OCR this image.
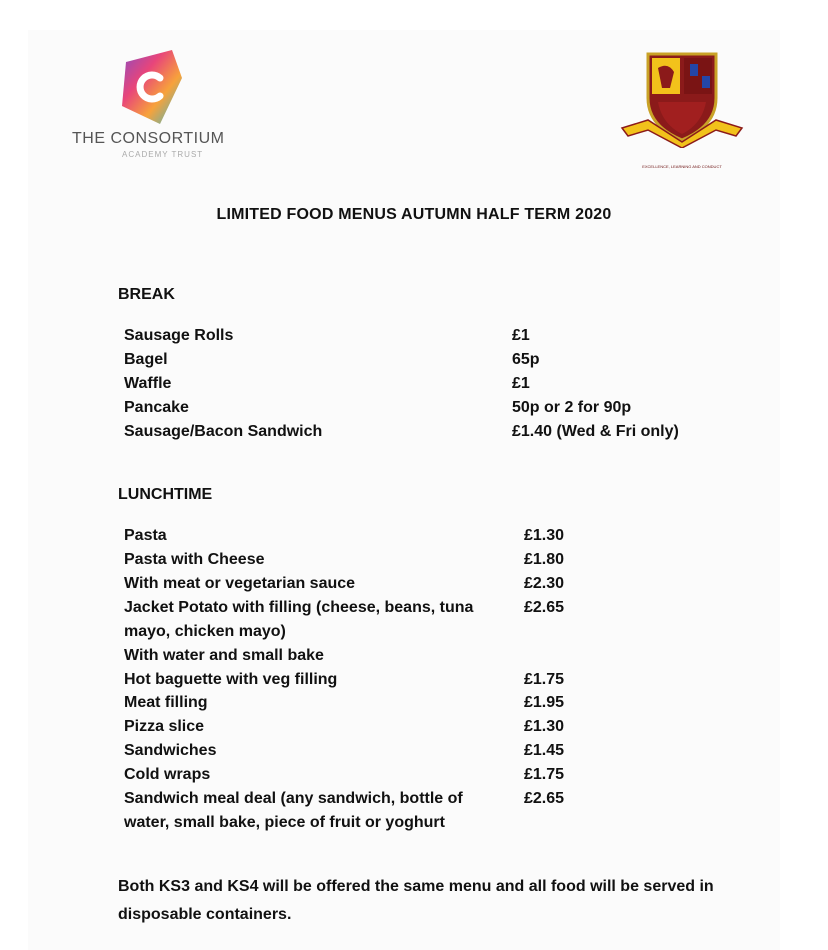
THE CONSORTIUM
ACADEMY TRUST
EXCELLENCE, LEARNING AND CONDUCT
LIMITED FOOD MENUS AUTUMN HALF TERM 2020
BREAK
Sausage Rolls	£1
Bagel	65p
Waffle	£1
Pancake	50p or 2 for 90p
Sausage/Bacon Sandwich	£1.40 (Wed & Fri only)
LUNCHTIME
Pasta	£1.30
Pasta with Cheese	£1.80
With meat or vegetarian sauce	£2.30
Jacket Potato with filling (cheese, beans, tuna	£2.65
mayo, chicken mayo)
With water and small bake
Hot baguette with veg filling	£1.75
Meat filling	£1.95
Pizza slice	£1.30
Sandwiches	£1.45
Cold wraps	£1.75
Sandwich meal deal (any sandwich, bottle of	£2.65
water, small bake, piece of fruit or yoghurt
Both KS3 and KS4 will be offered the same menu and all food will be served in disposable containers.
